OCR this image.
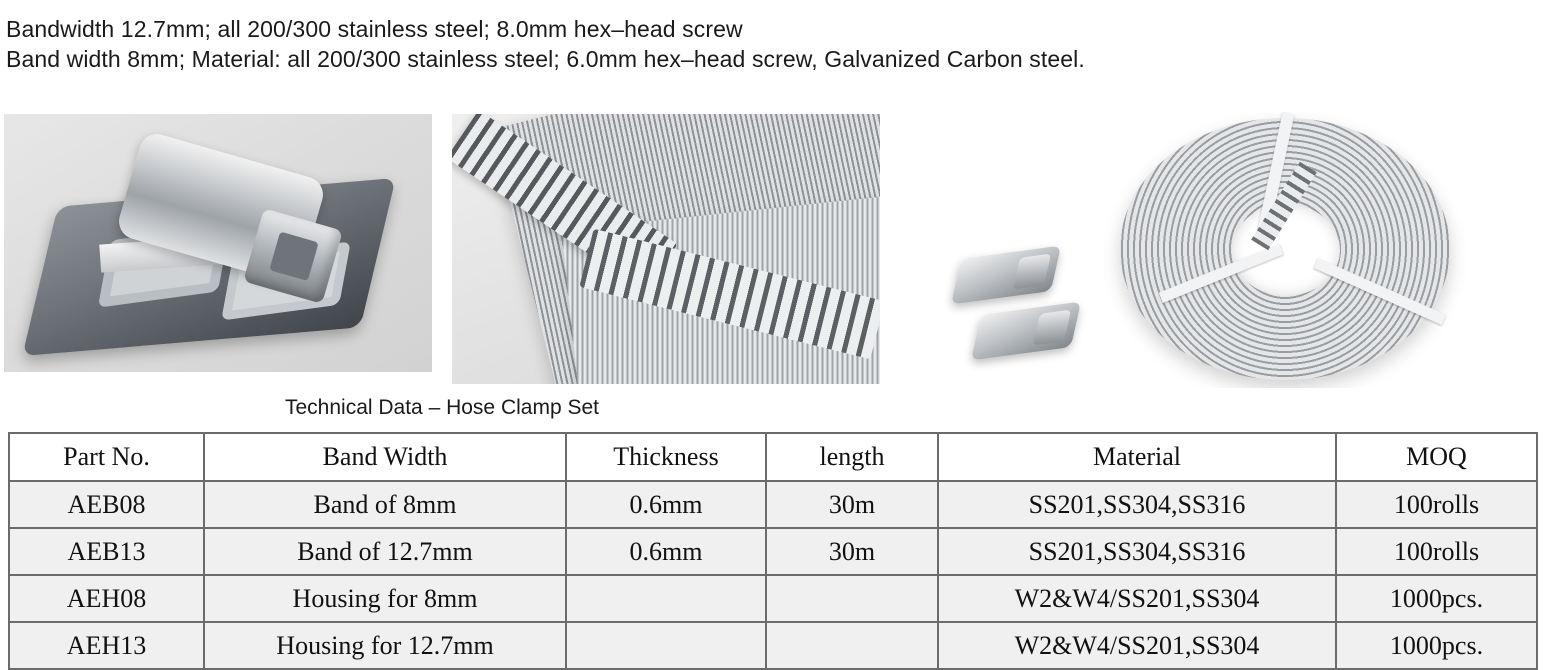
Bandwidth 12.7mm; all 200/300 stainless steel; 8.0mm hex–head screw
Band width 8mm; Material: all 200/300 stainless steel; 6.0mm hex–head screw, Galvanized Carbon steel.
Technical Data – Hose Clamp Set
Part No.	Band Width	Thickness	length	Material	MOQ
AEB08	Band of 8mm	0.6mm	30m	SS201,SS304,SS316	100rolls
AEB13	Band of 12.7mm	0.6mm	30m	SS201,SS304,SS316	100rolls
AEH08	Housing for 8mm			W2&W4/SS201,SS304	1000pcs.
AEH13	Housing for 12.7mm			W2&W4/SS201,SS304	1000pcs.
